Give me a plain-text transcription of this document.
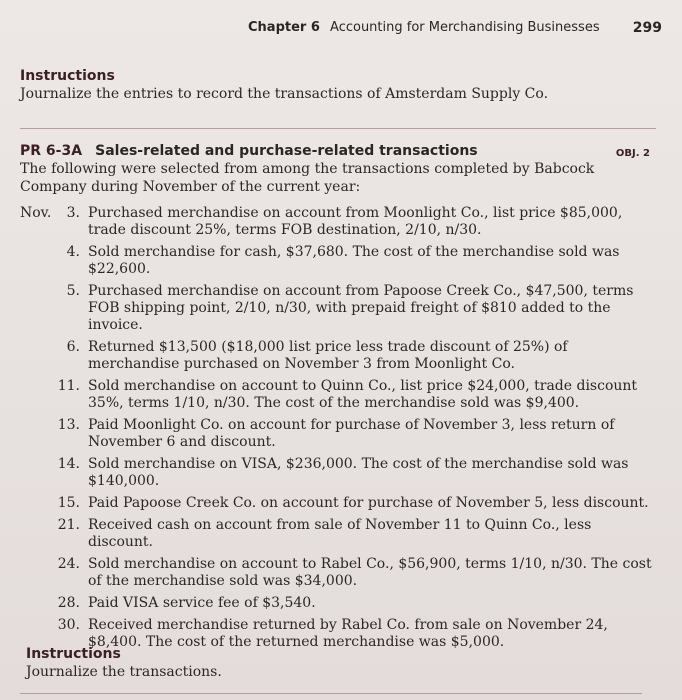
Chapter 6 Accounting for Merchandising Businesses 299
Instructions
Journalize the entries to record the transactions of Amsterdam Supply Co.
PR 6-3A Sales-related and purchase-related transactions	OBJ. 2
The following were selected from among the transactions completed by Babcock Company during November of the current year:
Nov.	3. Purchased merchandise on account from Moonlight Co., list price $85,000, trade discount 25%, terms FOB destination, 2/10, n/30.
4. Sold merchandise for cash, $37,680. The cost of the merchandise sold was $22,600.
5. Purchased merchandise on account from Papoose Creek Co., $47,500, terms FOB shipping point, 2/10, n/30, with prepaid freight of $810 added to the invoice.
6. Returned $13,500 ($18,000 list price less trade discount of 25%) of merchandise purchased on November 3 from Moonlight Co.
11. Sold merchandise on account to Quinn Co., list price $24,000, trade discount 35%, terms 1/10, n/30. The cost of the merchandise sold was $9,400.
13. Paid Moonlight Co. on account for purchase of November 3, less return of November 6 and discount.
14. Sold merchandise on VISA, $236,000. The cost of the merchandise sold was $140,000.
15. Paid Papoose Creek Co. on account for purchase of November 5, less discount.
21. Received cash on account from sale of November 11 to Quinn Co., less discount.
24. Sold merchandise on account to Rabel Co., $56,900, terms 1/10, n/30. The cost of the merchandise sold was $34,000.
28. Paid VISA service fee of $3,540.
30. Received merchandise returned by Rabel Co. from sale on November 24, $8,400. The cost of the returned merchandise was $5,000.
Instructions
Journalize the transactions.
